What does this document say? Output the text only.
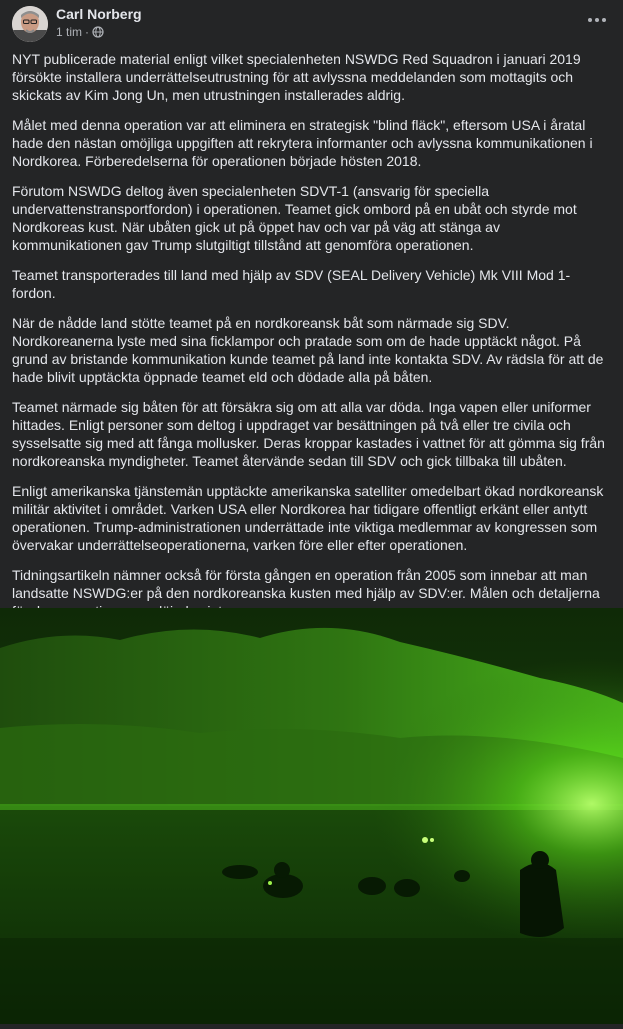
Carl Norberg
1 tim ·

NYT publicerade material enligt vilket specialenheten NSWDG Red Squadron i januari 2019 försökte installera underrättelseutrustning för att avlyssna meddelanden som mottagits och skickats av Kim Jong Un, men utrustningen installerades aldrig.

Målet med denna operation var att eliminera en strategisk "blind fläck", eftersom USA i åratal hade den nästan omöjliga uppgiften att rekrytera informanter och avlyssna kommunikationen i Nordkorea. Förberedelserna för operationen började hösten 2018.

Förutom NSWDG deltog även specialenheten SDVT-1 (ansvarig för speciella undervattenstransportfordon) i operationen. Teamet gick ombord på en ubåt och styrde mot Nordkoreas kust. När ubåten gick ut på öppet hav och var på väg att stänga av kommunikationen gav Trump slutgiltigt tillstånd att genomföra operationen.

Teamet transporterades till land med hjälp av SDV (SEAL Delivery Vehicle) Mk VIII Mod 1-fordon.

När de nådde land stötte teamet på en nordkoreansk båt som närmade sig SDV. Nordkoreanerna lyste med sina ficklampor och pratade som om de hade upptäckt något. På grund av bristande kommunikation kunde teamet på land inte kontakta SDV. Av rädsla för att de hade blivit upptäckta öppnade teamet eld och dödade alla på båten.

Teamet närmade sig båten för att försäkra sig om att alla var döda. Inga vapen eller uniformer hittades. Enligt personer som deltog i uppdraget var besättningen på två eller tre civila och sysselsatte sig med att fånga mollusker. Deras kroppar kastades i vattnet för att gömma sig från nordkoreanska myndigheter. Teamet återvände sedan till SDV och gick tillbaka till ubåten.

Enligt amerikanska tjänstemän upptäckte amerikanska satelliter omedelbart ökad nordkoreansk militär aktivitet i området. Varken USA eller Nordkorea har tidigare offentligt erkänt eller antytt operationen. Trump-administrationen underrättade inte viktiga medlemmar av kongressen som övervakar underrättelseoperationerna, varken före eller efter operationen.

Tidningsartikeln nämner också för första gången en operation från 2005 som innebar att man landsatte NSWDG:er på den nordkoreanska kusten med hjälp av SDV:er. Målen och detaljerna
